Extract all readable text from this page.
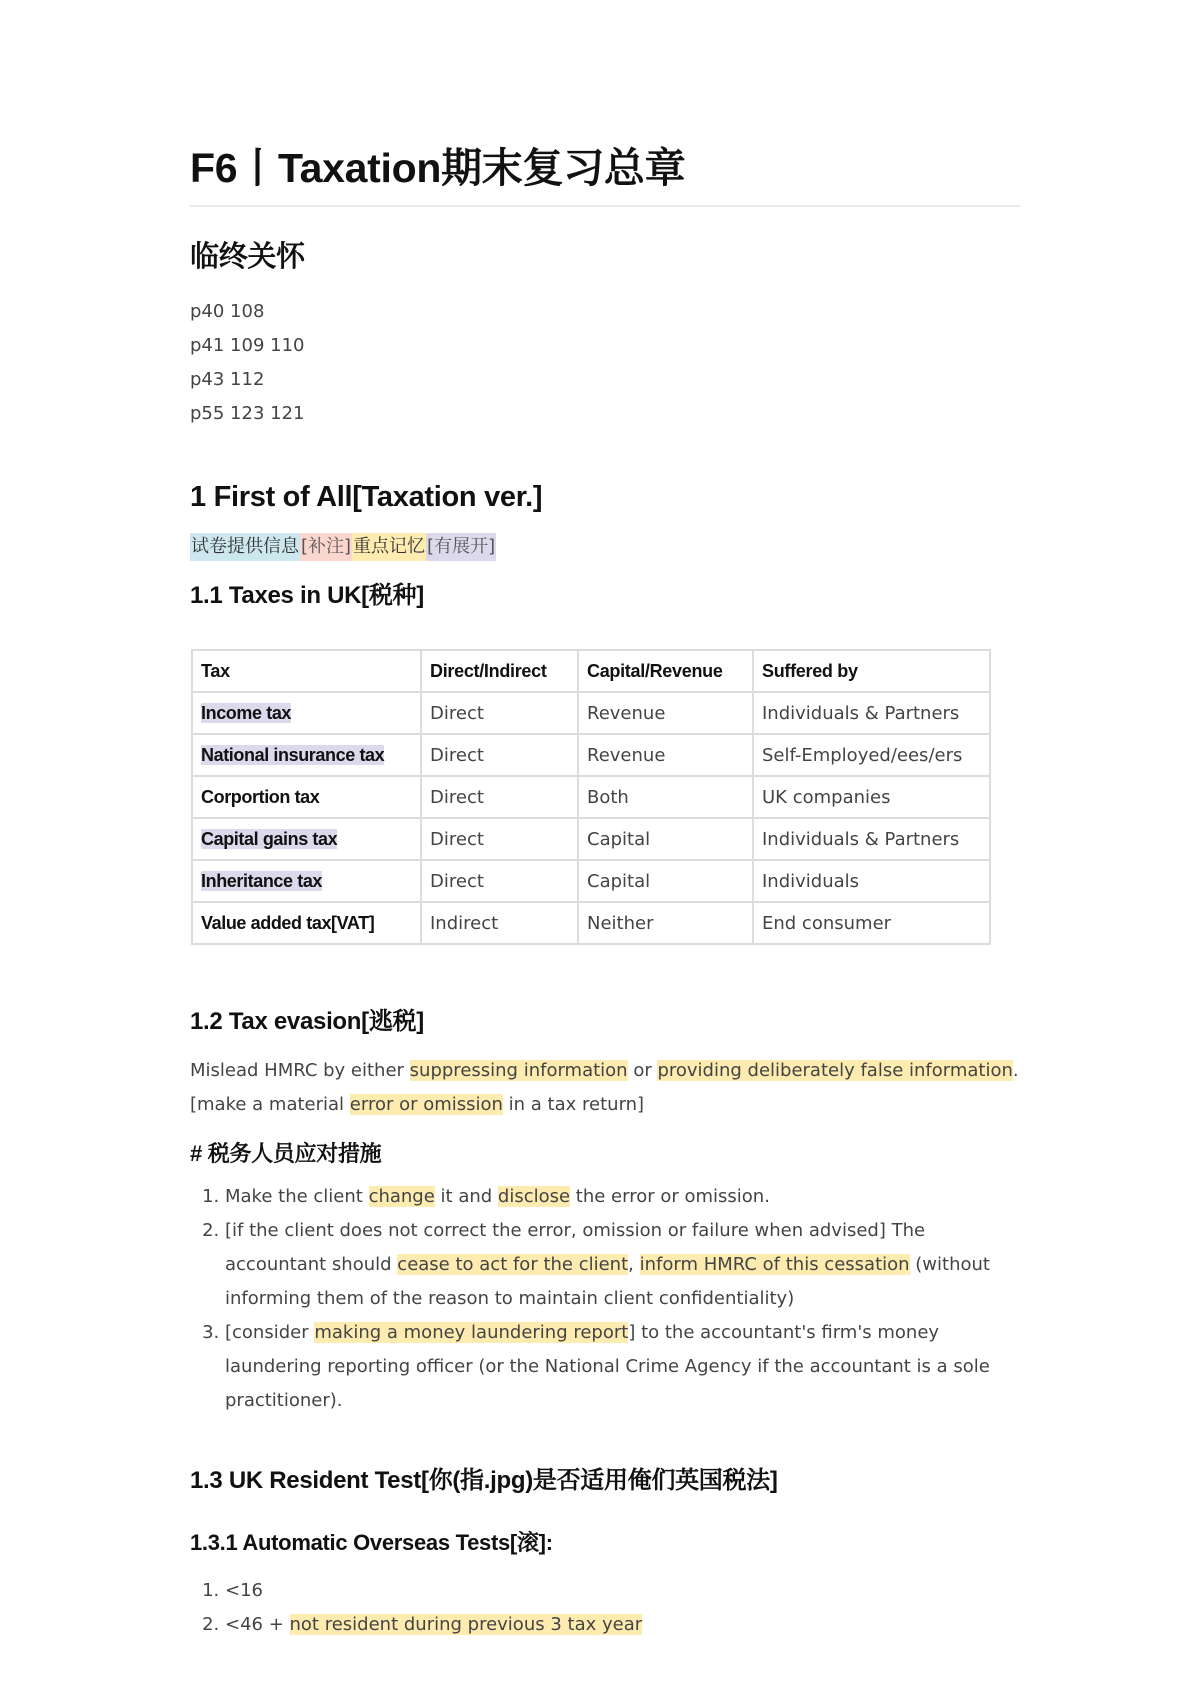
F6丨Taxation期末复习总章
临终关怀
p40 108
p41 109 110
p43 112
p55 123 121
1 First of All[Taxation ver.]
试卷提供信息 [补注] 重点记忆 [有展开]
1.1 Taxes in UK[税种]
Tax	Direct/Indirect	Capital/Revenue	Suffered by
Income tax	Direct	Revenue	Individuals & Partners
National insurance tax	Direct	Revenue	Self-Employed/ees/ers
Corportion tax	Direct	Both	UK companies
Capital gains tax	Direct	Capital	Individuals & Partners
Inheritance tax	Direct	Capital	Individuals
Value added tax[VAT]	Indirect	Neither	End consumer
1.2 Tax evasion[逃税]
Mislead HMRC by either suppressing information or providing deliberately false information.[make a material error or omission in a tax return]
# 税务人员应对措施
1. Make the client change it and disclose the error or omission.
2. [if the client does not correct the error, omission or failure when advised] The accountant should cease to act for the client, inform HMRC of this cessation (without informing them of the reason to maintain client confidentiality)
3. [consider making a money laundering report] to the accountant's firm's money laundering reporting officer (or the National Crime Agency if the accountant is a sole practitioner).
1.3 UK Resident Test[你(指.jpg)是否适用俺们英国税法]
1.3.1 Automatic Overseas Tests[滚]:
1. <16
2. <46 + not resident during previous 3 tax year
